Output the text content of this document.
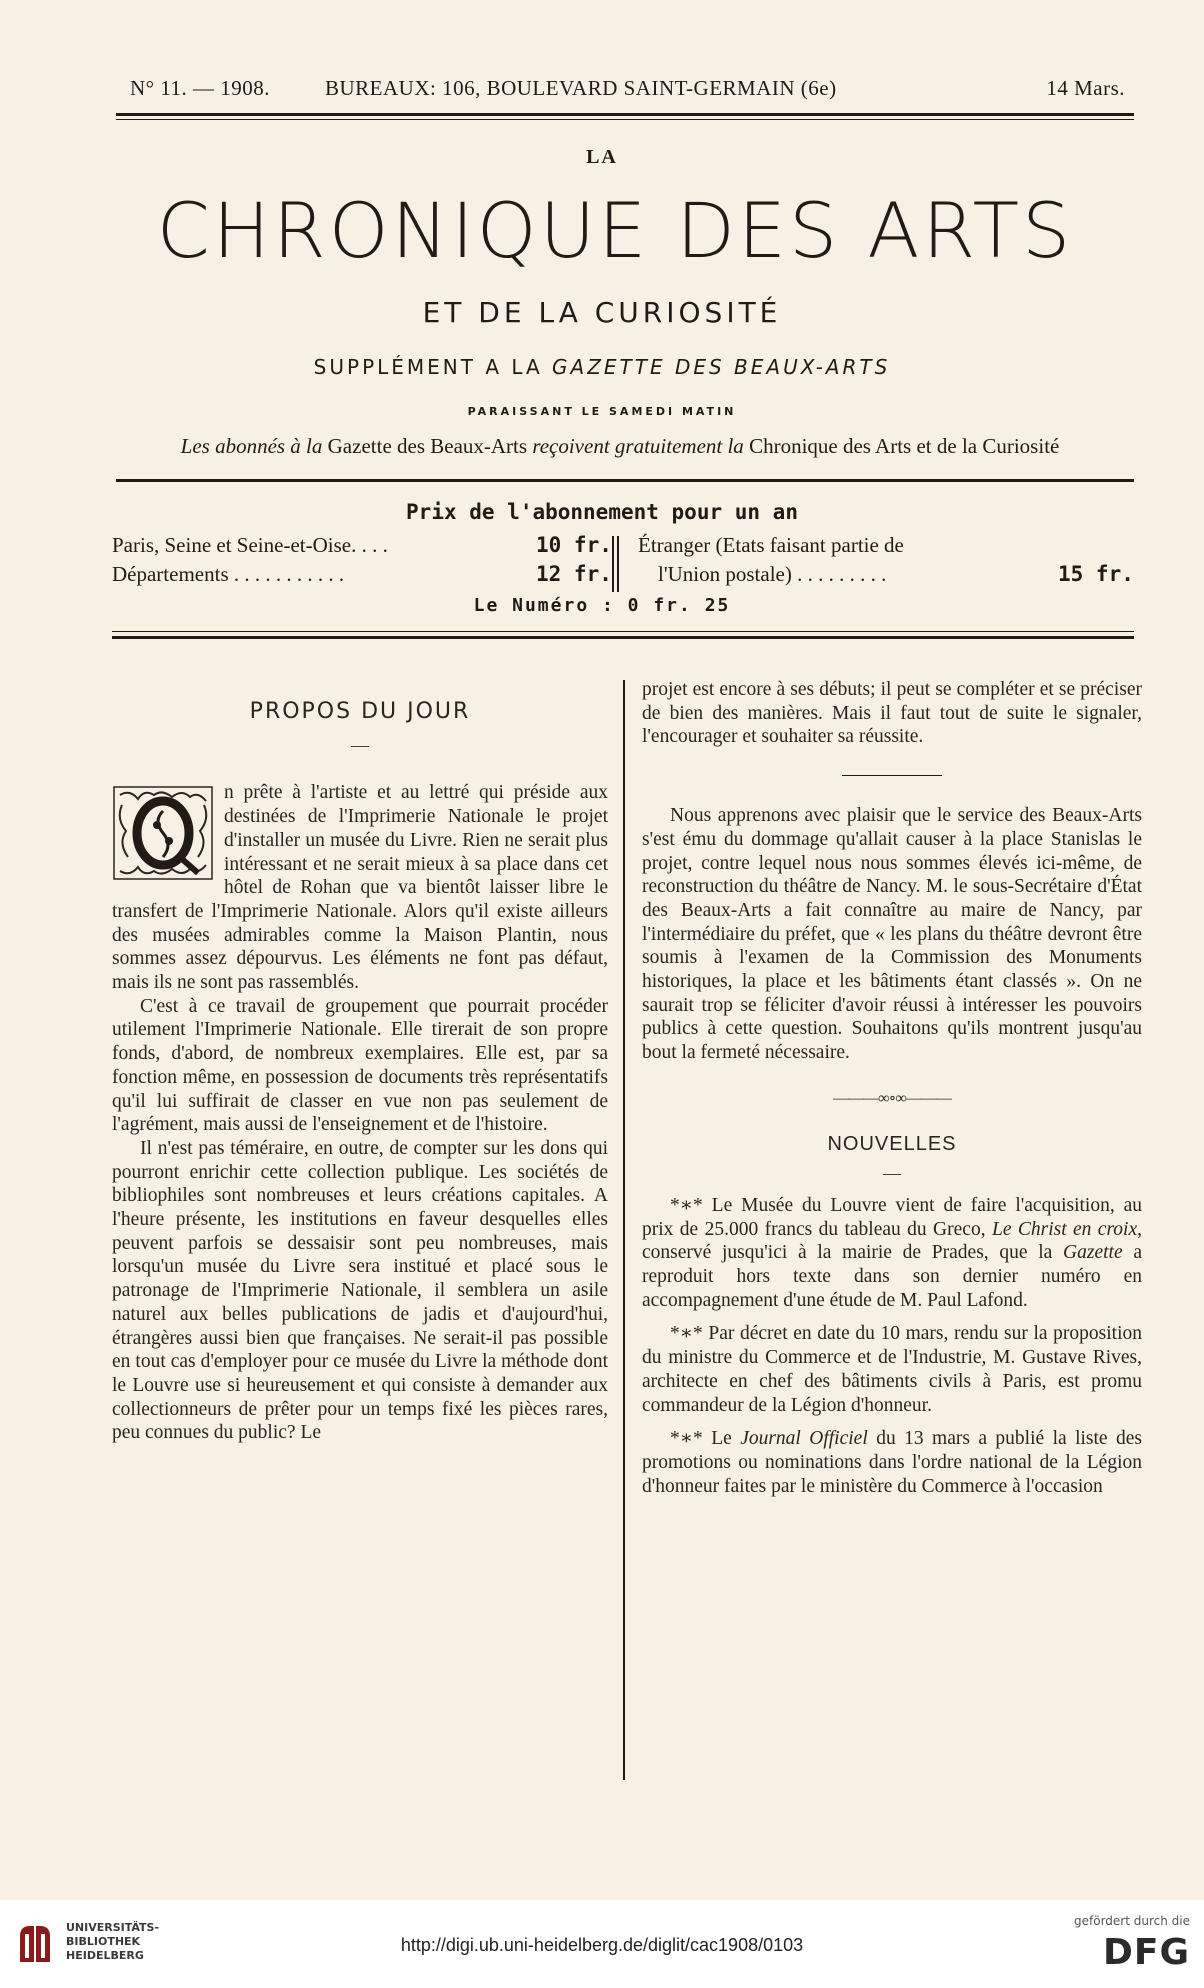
N° 11. — 1908.	BUREAUX: 106, BOULEVARD SAINT-GERMAIN (6e)	14 Mars.
LA
CHRONIQUE DES ARTS
ET DE LA CURIOSITÉ
SUPPLÉMENT A LA GAZETTE DES BEAUX-ARTS
PARAISSANT LE SAMEDI MATIN
Les abonnés à la Gazette des Beaux-Arts reçoivent gratuitement la Chronique des Arts et de la Curiosité
Prix de l'abonnement pour un an
Paris, Seine et Seine-et-Oise. . . .	10 fr.
Départements . . . . . . . . . . .	12 fr.
Étranger (Etats faisant partie de
l'Union postale) . . . . . . . . .	15 fr.
Le Numéro : 0 fr. 25
PROPOS DU JOUR
—

n prête à l'artiste et au lettré qui préside aux destinées de l'Imprimerie Nationale le projet d'installer un musée du Livre. Rien ne serait plus intéressant et ne serait mieux à sa place dans cet hôtel de Rohan que va bientôt laisser libre le transfert de l'Imprimerie Nationale. Alors qu'il existe ailleurs des musées admirables comme la Maison Plantin, nous sommes assez dépourvus. Les éléments ne font pas défaut, mais ils ne sont pas rassemblés.

C'est à ce travail de groupement que pourrait procéder utilement l'Imprimerie Nationale. Elle tirerait de son propre fonds, d'abord, de nombreux exemplaires. Elle est, par sa fonction même, en possession de documents très représentatifs qu'il lui suffirait de classer en vue non pas seulement de l'agrément, mais aussi de l'enseignement et de l'histoire.

Il n'est pas téméraire, en outre, de compter sur les dons qui pourront enrichir cette collection publique. Les sociétés de bibliophiles sont nombreuses et leurs créations capitales. A l'heure présente, les institutions en faveur desquelles elles peuvent parfois se dessaisir sont peu nombreuses, mais lorsqu'un musée du Livre sera institué et placé sous le patronage de l'Imprimerie Nationale, il semblera un asile naturel aux belles publications de jadis et d'aujourd'hui, étrangères aussi bien que françaises. Ne serait-il pas possible en tout cas d'employer pour ce musée du Livre la méthode dont le Louvre use si heureusement et qui consiste à demander aux collectionneurs de prêter pour un temps fixé les pièces rares, peu connues du public? Le

projet est encore à ses débuts; il peut se compléter et se préciser de bien des manières. Mais il faut tout de suite le signaler, l'encourager et souhaiter sa réussite.

Nous apprenons avec plaisir que le service des Beaux-Arts s'est ému du dommage qu'allait causer à la place Stanislas le projet, contre lequel nous nous sommes élevés ici-même, de reconstruction du théâtre de Nancy. M. le sous-Secrétaire d'État des Beaux-Arts a fait connaître au maire de Nancy, par l'intermédiaire du préfet, que « les plans du théâtre devront être soumis à l'examen de la Commission des Monuments historiques, la place et les bâtiments étant classés ». On ne saurait trop se féliciter d'avoir réussi à intéresser les pouvoirs publics à cette question. Souhaitons qu'ils montrent jusqu'au bout la fermeté nécessaire.

———∞∘∞———
NOUVELLES
—

*∗* Le Musée du Louvre vient de faire l'acquisition, au prix de 25.000 francs du tableau du Greco, Le Christ en croix, conservé jusqu'ici à la mairie de Prades, que la Gazette a reproduit hors texte dans son dernier numéro en accompagnement d'une étude de M. Paul Lafond.

*∗* Par décret en date du 10 mars, rendu sur la proposition du ministre du Commerce et de l'Industrie, M. Gustave Rives, architecte en chef des bâtiments civils à Paris, est promu commandeur de la Légion d'honneur.

*∗* Le Journal Officiel du 13 mars a publié la liste des promotions ou nominations dans l'ordre national de la Légion d'honneur faites par le ministère du Commerce à l'occasion

UNIVERSITÄTS-
BIBLIOTHEK
HEIDELBERG
http://digi.ub.uni-heidelberg.de/diglit/cac1908/0103
gefördert durch die
DFG
